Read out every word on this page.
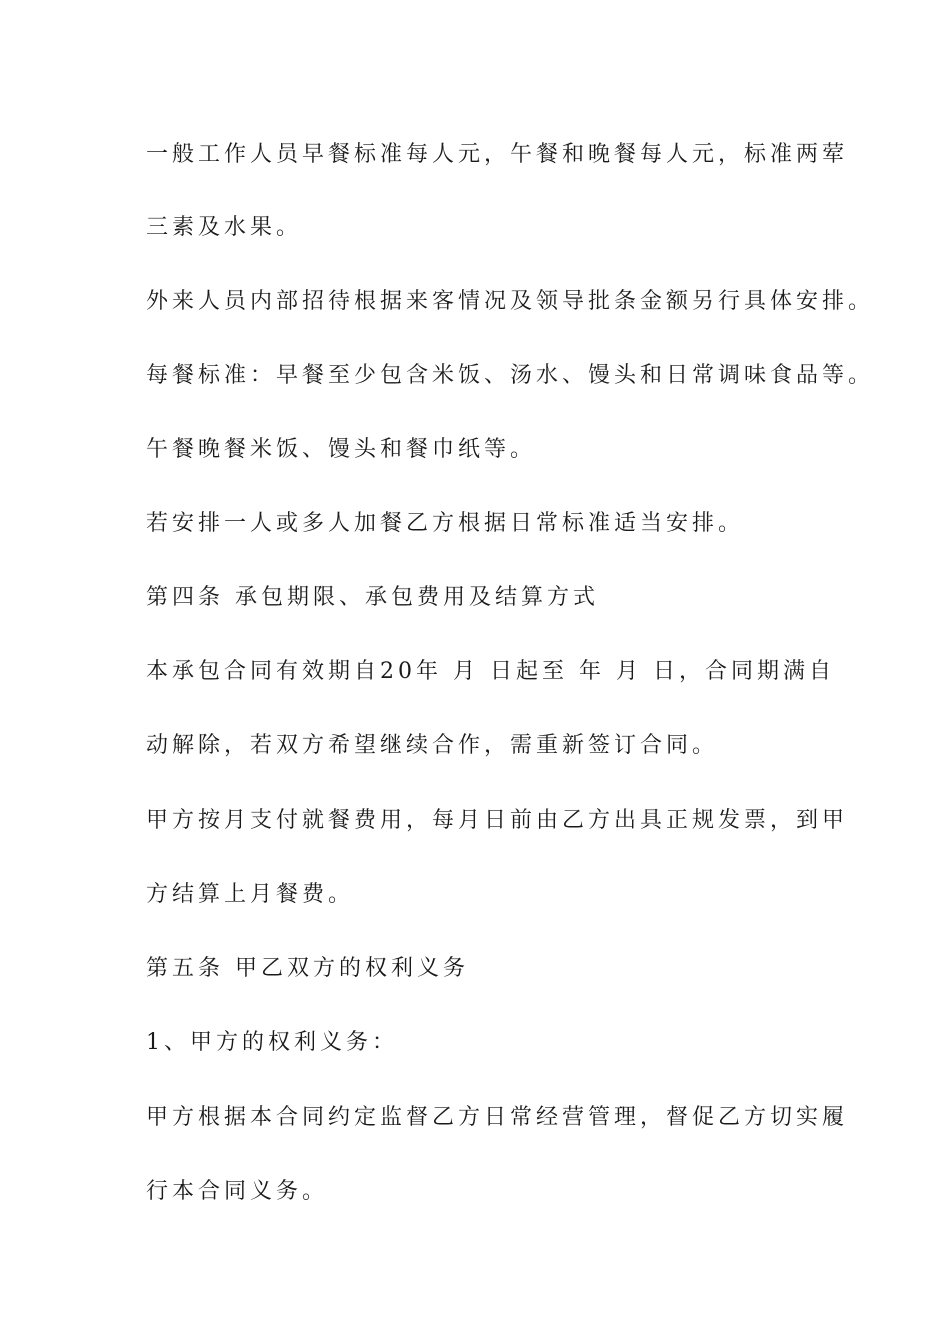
一般工作人员早餐标准每人元，午餐和晚餐每人元，标准两荤
三素及水果。
外来人员内部招待根据来客情况及领导批条金额另行具体安排。
每餐标准：早餐至少包含米饭、汤水、馒头和日常调味食品等。
午餐晚餐米饭、馒头和餐巾纸等。
若安排一人或多人加餐乙方根据日常标准适当安排。
第四条 承包期限、承包费用及结算方式
本承包合同有效期自20年 月 日起至 年 月 日，合同期满自
动解除，若双方希望继续合作，需重新签订合同。
甲方按月支付就餐费用，每月日前由乙方出具正规发票，到甲
方结算上月餐费。
第五条 甲乙双方的权利义务
1、甲方的权利义务：
甲方根据本合同约定监督乙方日常经营管理，督促乙方切实履
行本合同义务。
